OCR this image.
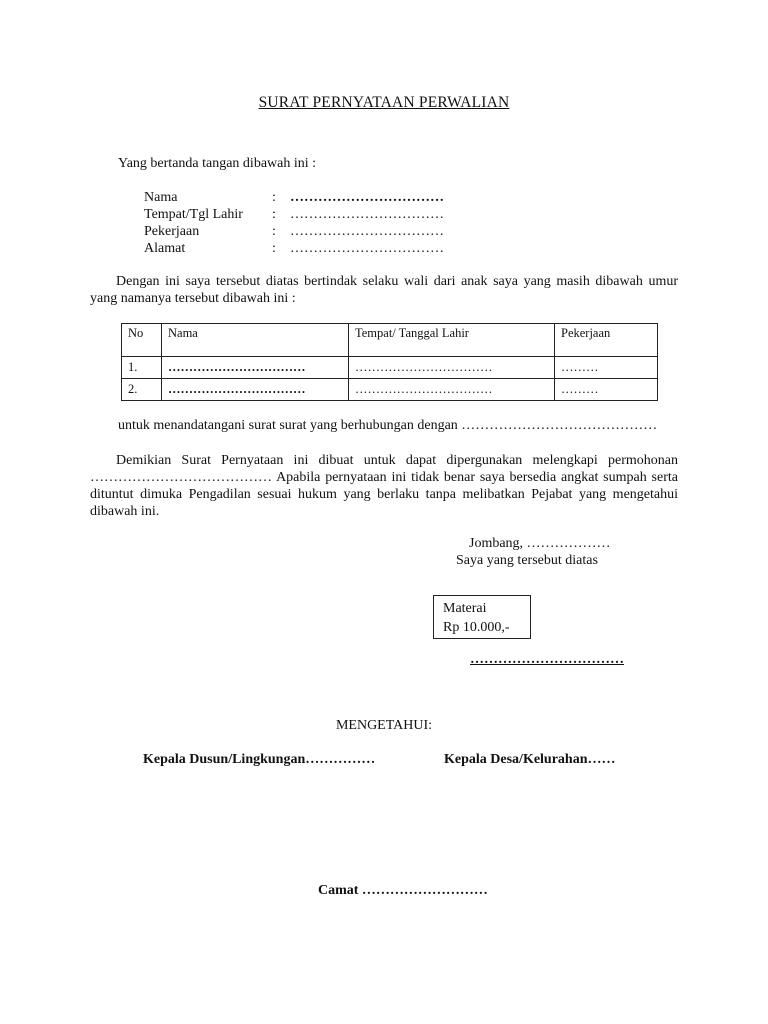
SURAT PERNYATAAN PERWALIAN
Yang bertanda tangan dibawah ini :
Nama	:	……………………………
Tempat/Tgl Lahir	:	……………………………
Pekerjaan	:	……………………………
Alamat	:	……………………………
Dengan ini saya tersebut diatas bertindak selaku wali dari anak saya yang masih dibawah umur yang namanya tersebut dibawah ini :
No	Nama	Tempat/ Tanggal Lahir	Pekerjaan
1.	……………………………	……………………………	………
2.	……………………………	……………………………	………
untuk menandatangani surat surat yang berhubungan dengan ……………………………………
Demikian Surat Pernyataan ini dibuat untuk dapat dipergunakan melengkapi permohonan ………………………………… Apabila pernyataan ini tidak benar saya bersedia angkat sumpah serta dituntut dimuka Pengadilan sesuai hukum yang berlaku tanpa melibatkan Pejabat yang mengetahui dibawah ini.
Jombang, ………………
Saya yang tersebut diatas
Materai
Rp 10.000,-
……………………………
MENGETAHUI:
Kepala Dusun/Lingkungan……………	Kepala Desa/Kelurahan……
Camat ………………………
